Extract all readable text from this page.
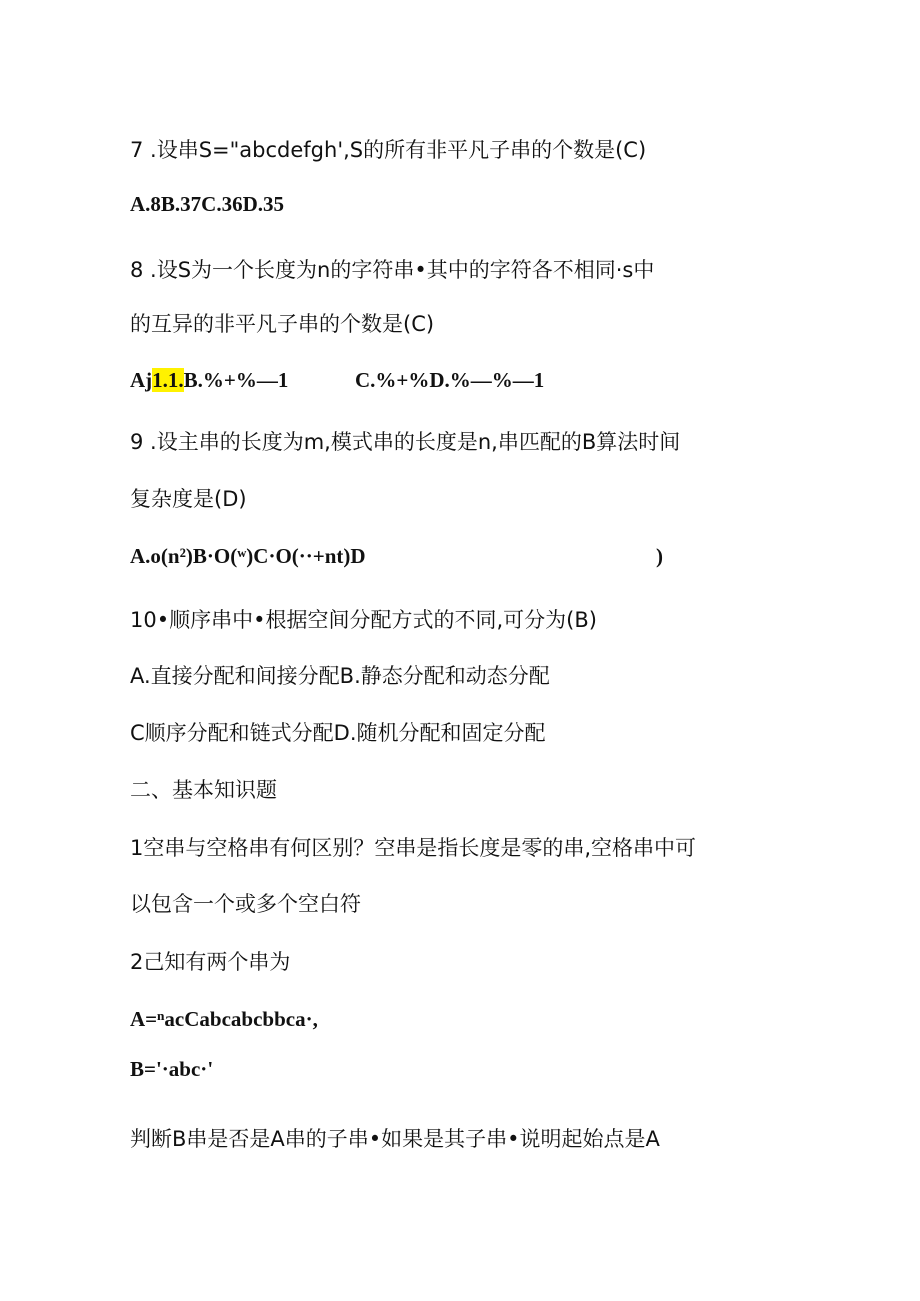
7 .设串S="abcdefgh',S的所有非平凡子串的个数是(C)
A.8B.37C.36D.35
8 .设S为一个长度为n的字符串•其中的字符各不相同·s中
的互异的非平凡子串的个数是(C)
Aj1.1.B.%+%—1	C.%+%D.%—%—1
9 .设主串的长度为m,模式串的长度是n,串匹配的B算法时间
复杂度是(D)
A.o(n²)B·O(ʷ)C·O(··+nt)D	)
10•顺序串中•根据空间分配方式的不同,可分为(B)
A.直接分配和间接分配B.静态分配和动态分配
C顺序分配和链式分配D.随机分配和固定分配
二、基本知识题
1空串与空格串有何区别？空串是指长度是零的串,空格串中可
以包含一个或多个空白符
2己知有两个串为
A=ⁿacCabcabcbbca·,
B='·abc·'
判断B串是否是A串的子串•如果是其子串•说明起始点是A
